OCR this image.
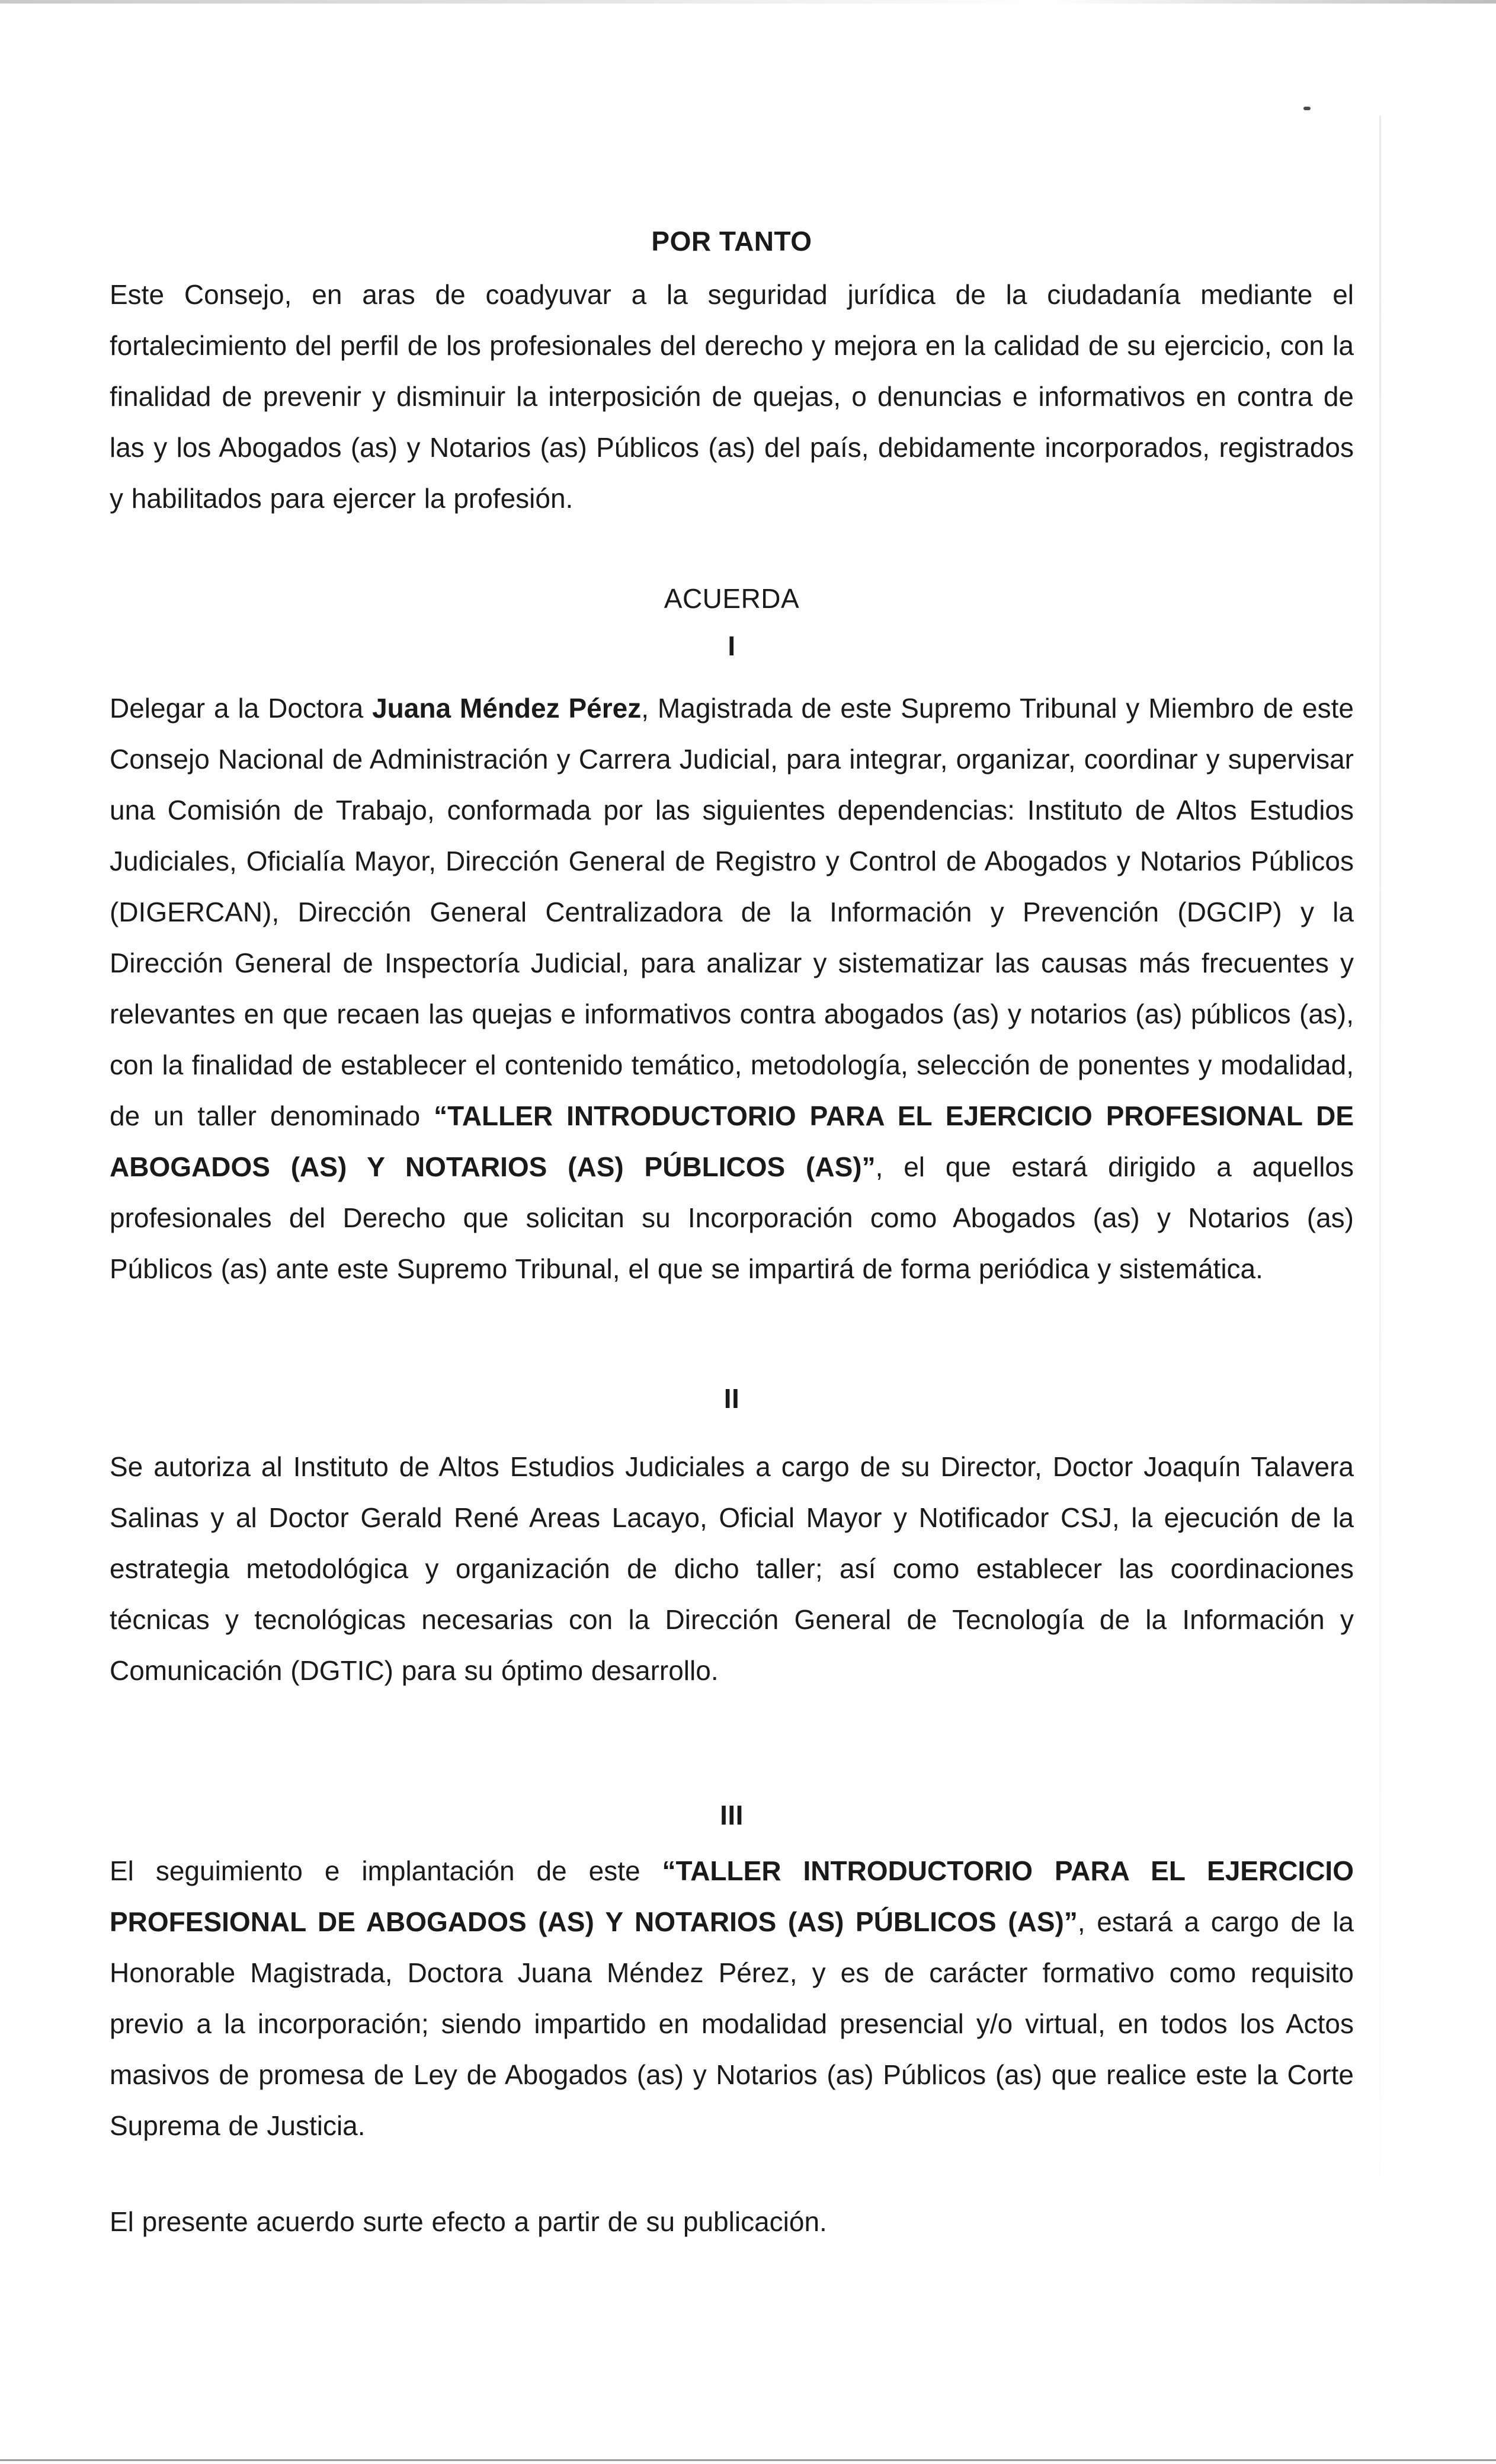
POR TANTO
Este Consejo, en aras de coadyuvar a la seguridad jurídica de la ciudadanía mediante el fortalecimiento del perfil de los profesionales del derecho y mejora en la calidad de su ejercicio, con la finalidad de prevenir y disminuir la interposición de quejas, o denuncias e informativos en contra de las y los Abogados (as) y Notarios (as) Públicos (as) del país, debidamente incorporados, registrados y habilitados para ejercer la profesión.
ACUERDA
I
Delegar a la Doctora Juana Méndez Pérez, Magistrada de este Supremo Tribunal y Miembro de este Consejo Nacional de Administración y Carrera Judicial, para integrar, organizar, coordinar y supervisar una Comisión de Trabajo, conformada por las siguientes dependencias: Instituto de Altos Estudios Judiciales, Oficialía Mayor, Dirección General de Registro y Control de Abogados y Notarios Públicos (DIGERCAN), Dirección General Centralizadora de la Información y Prevención (DGCIP) y la Dirección General de Inspectoría Judicial, para analizar y sistematizar las causas más frecuentes y relevantes en que recaen las quejas e informativos contra abogados (as) y notarios (as) públicos (as), con la finalidad de establecer el contenido temático, metodología, selección de ponentes y modalidad, de un taller denominado “TALLER INTRODUCTORIO PARA EL EJERCICIO PROFESIONAL DE ABOGADOS (AS) Y NOTARIOS (AS) PÚBLICOS (AS)”, el que estará dirigido a aquellos profesionales del Derecho que solicitan su Incorporación como Abogados (as) y Notarios (as) Públicos (as) ante este Supremo Tribunal, el que se impartirá de forma periódica y sistemática.
II
Se autoriza al Instituto de Altos Estudios Judiciales a cargo de su Director, Doctor Joaquín Talavera Salinas y al Doctor Gerald René Areas Lacayo, Oficial Mayor y Notificador CSJ, la ejecución de la estrategia metodológica y organización de dicho taller; así como establecer las coordinaciones técnicas y tecnológicas necesarias con la Dirección General de Tecnología de la Información y Comunicación (DGTIC) para su óptimo desarrollo.
III
El seguimiento e implantación de este “TALLER INTRODUCTORIO PARA EL EJERCICIO PROFESIONAL DE ABOGADOS (AS) Y NOTARIOS (AS) PÚBLICOS (AS)”, estará a cargo de la Honorable Magistrada, Doctora Juana Méndez Pérez, y es de carácter formativo como requisito previo a la incorporación; siendo impartido en modalidad presencial y/o virtual, en todos los Actos masivos de promesa de Ley de Abogados (as) y Notarios (as) Públicos (as) que realice este la Corte Suprema de Justicia.
El presente acuerdo surte efecto a partir de su publicación.
